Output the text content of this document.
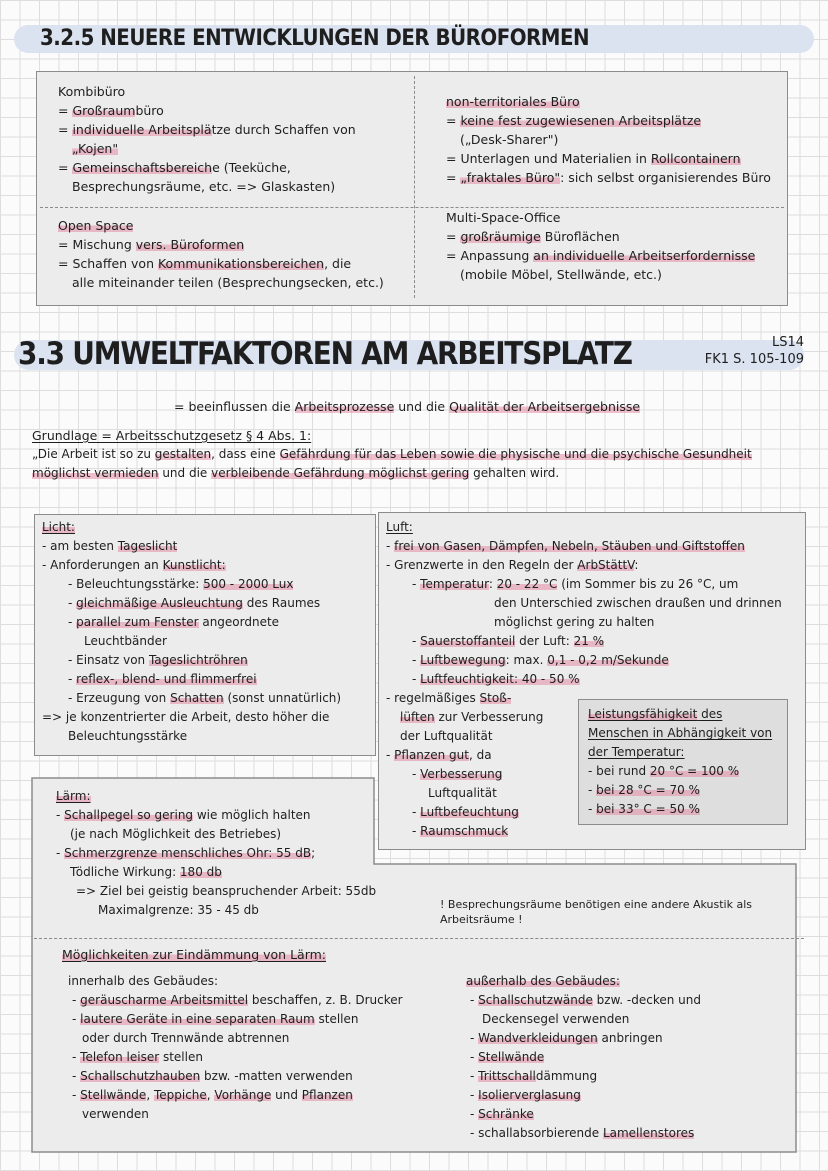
3.2.5 NEUERE ENTWICKLUNGEN DER BÜROFORMEN
Kombibüro
= Großraumbüro
= individuelle Arbeitsplätze durch Schaffen von
„Kojen"
= Gemeinschaftsbereiche (Teeküche,
Besprechungsräume, etc. => Glaskasten)
non-territoriales Büro
= keine fest zugewiesenen Arbeitsplätze
(„Desk-Sharer")
= Unterlagen und Materialien in Rollcontainern
= „fraktales Büro": sich selbst organisierendes Büro
Open Space
= Mischung vers. Büroformen
= Schaffen von Kommunikationsbereichen, die
alle miteinander teilen (Besprechungsecken, etc.)
Multi-Space-Office
= großräumige Büroflächen
= Anpassung an individuelle Arbeitserfordernisse
(mobile Möbel, Stellwände, etc.)
3.3 UMWELTFAKTOREN AM ARBEITSPLATZ	LS14
FK1 S. 105-109
= beeinflussen die Arbeitsprozesse und die Qualität der Arbeitsergebnisse
Grundlage = Arbeitsschutzgesetz § 4 Abs. 1:
„Die Arbeit ist so zu gestalten, dass eine Gefährdung für das Leben sowie die physische und die psychische Gesundheit
möglichst vermieden und die verbleibende Gefährdung möglichst gering gehalten wird.
Licht:
- am besten Tageslicht
- Anforderungen an Kunstlicht:
- Beleuchtungsstärke: 500 - 2000 Lux
- gleichmäßige Ausleuchtung des Raumes
- parallel zum Fenster angeordnete
Leuchtbänder
- Einsatz von Tageslichtröhren
- reflex-, blend- und flimmerfrei
- Erzeugung von Schatten (sonst unnatürlich)
=> je konzentrierter die Arbeit, desto höher die
Beleuchtungsstärke
Luft:
- frei von Gasen, Dämpfen, Nebeln, Stäuben und Giftstoffen
- Grenzwerte in den Regeln der ArbStättV:
- Temperatur: 20 - 22 °C (im Sommer bis zu 26 °C, um
den Unterschied zwischen draußen und drinnen
möglichst gering zu halten
- Sauerstoffanteil der Luft: 21 %
- Luftbewegung: max. 0,1 - 0,2 m/Sekunde
- Luftfeuchtigkeit: 40 - 50 %
- regelmäßiges Stoß-
lüften zur Verbesserung
der Luftqualität
- Pflanzen gut, da
- Verbesserung
Luftqualität
- Luftbefeuchtung
- Raumschmuck
Leistungsfähigkeit des
Menschen in Abhängigkeit von
der Temperatur:
- bei rund 20 °C = 100 %
- bei 28 °C = 70 %
- bei 33° C = 50 %
Lärm:
- Schallpegel so gering wie möglich halten
(je nach Möglichkeit des Betriebes)
- Schmerzgrenze menschliches Ohr: 55 dB;
Tödliche Wirkung: 180 db
=> Ziel bei geistig beanspruchender Arbeit: 55db
Maximalgrenze: 35 - 45 db	! Besprechungsräume benötigen eine andere Akustik als
Arbeitsräume !
Möglichkeiten zur Eindämmung von Lärm:
innerhalb des Gebäudes:
- geräuscharme Arbeitsmittel beschaffen, z. B. Drucker
- lautere Geräte in eine separaten Raum stellen
oder durch Trennwände abtrennen
- Telefon leiser stellen
- Schallschutzhauben bzw. -matten verwenden
- Stellwände, Teppiche, Vorhänge und Pflanzen
verwenden
außerhalb des Gebäudes:
- Schallschutzwände bzw. -decken und
Deckensegel verwenden
- Wandverkleidungen anbringen
- Stellwände
- Trittschalldämmung
- Isolierverglasung
- Schränke
- schallabsorbierende Lamellenstores
